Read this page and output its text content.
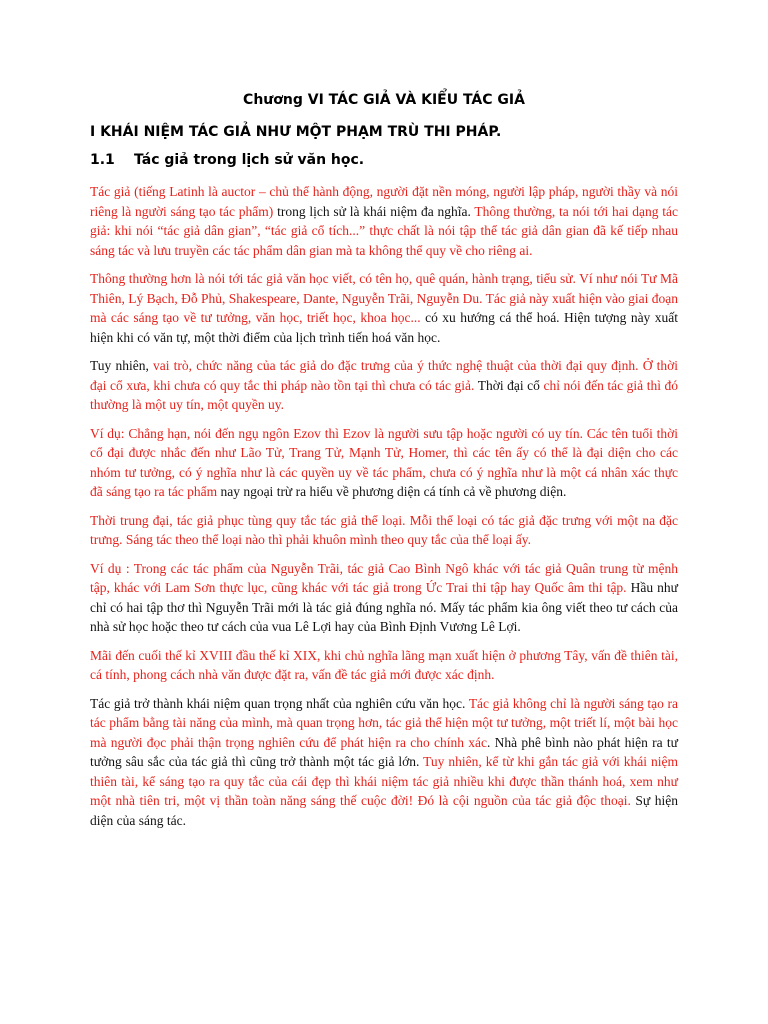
Chương VI TÁC GIẢ VÀ KIỂU TÁC GIẢ
I KHÁI NIỆM TÁC GIẢ NHƯ MỘT PHẠM TRÙ THI PHÁP.
1.1 Tác giả trong lịch sử văn học.

Tác giả (tiếng Latinh là auctor – chủ thể hành động, người đặt nền móng, người lập pháp, người thầy và nói riêng là người sáng tạo tác phẩm) trong lịch sử là khái niệm đa nghĩa. Thông thường, ta nói tới hai dạng tác giả: khi nói “tác giả dân gian”, “tác giả cổ tích...” thực chất là nói tập thể tác giả dân gian đã kế tiếp nhau sáng tác và lưu truyền các tác phẩm dân gian mà ta không thể quy về cho riêng ai.

Thông thường hơn là nói tới tác giả văn học viết, có tên họ, quê quán, hành trạng, tiểu sử. Ví như nói Tư Mã Thiên, Lý Bạch, Đỗ Phủ, Shakespeare, Dante, Nguyễn Trãi, Nguyễn Du. Tác giả này xuất hiện vào giai đoạn mà các sáng tạo về tư tưởng, văn học, triết học, khoa học... có xu hướng cá thể hoá. Hiện tượng này xuất hiện khi có văn tự, một thời điểm của lịch trình tiến hoá văn học.

Tuy nhiên, vai trò, chức năng của tác giả do đặc trưng của ý thức nghệ thuật của thời đại quy định. Ở thời đại cổ xưa, khi chưa có quy tắc thi pháp nào tồn tại thì chưa có tác giả. Thời đại cổ chỉ nói đến tác giả thì đó thường là một uy tín, một quyền uy.

Ví dụ: Chẳng hạn, nói đến ngụ ngôn Ezov thì Ezov là người sưu tập hoặc người có uy tín. Các tên tuổi thời cổ đại được nhắc đến như Lão Tử, Trang Tử, Mạnh Tử, Homer, thì các tên ấy có thể là đại diện cho các nhóm tư tưởng, có ý nghĩa như là các quyền uy về tác phẩm, chưa có ý nghĩa như là một cá nhân xác thực đã sáng tạo ra tác phẩm nay ngoại trừ ra hiểu về phương diện cá tính cả về phương diện.

Thời trung đại, tác giả phục tùng quy tắc tác giả thể loại. Mỗi thể loại có tác giả đặc trưng với một na đặc trưng. Sáng tác theo thể loại nào thì phải khuôn mình theo quy tắc của thể loại ấy.

Ví dụ : Trong các tác phẩm của Nguyễn Trãi, tác giả Cao Bình Ngô khác với tác giả Quân trung từ mệnh tập, khác với Lam Sơn thực lục, cũng khác với tác giả trong Ức Trai thi tập hay Quốc âm thi tập. Hầu như chỉ có hai tập thơ thì Nguyễn Trãi mới là tác giả đúng nghĩa nó. Mấy tác phẩm kia ông viết theo tư cách của nhà sử học hoặc theo tư cách của vua Lê Lợi hay của Bình Định Vương Lê Lợi.

Mãi đến cuối thế kỉ XVIII đầu thế kỉ XIX, khi chủ nghĩa lãng mạn xuất hiện ở phương Tây, vấn đề thiên tài, cá tính, phong cách nhà văn được đặt ra, vấn đề tác giả mới được xác định.

Tác giả trở thành khái niệm quan trọng nhất của nghiên cứu văn học. Tác giả không chỉ là người sáng tạo ra tác phẩm bằng tài năng của mình, mà quan trọng hơn, tác giả thể hiện một tư tưởng, một triết lí, một bài học mà người đọc phải thận trọng nghiên cứu để phát hiện ra cho chính xác. Nhà phê bình nào phát hiện ra tư tưởng sâu sắc của tác giả thì cũng trở thành một tác giả lớn. Tuy nhiên, kể từ khi gắn tác giả với khái niệm thiên tài, kể sáng tạo ra quy tắc của cái đẹp thì khái niệm tác giả nhiều khi được thần thánh hoá, xem như một nhà tiên tri, một vị thần toàn năng sáng thế cuộc đời! Đó là cội nguồn của tác giả độc thoại. Sự hiện diện của sáng tác.
